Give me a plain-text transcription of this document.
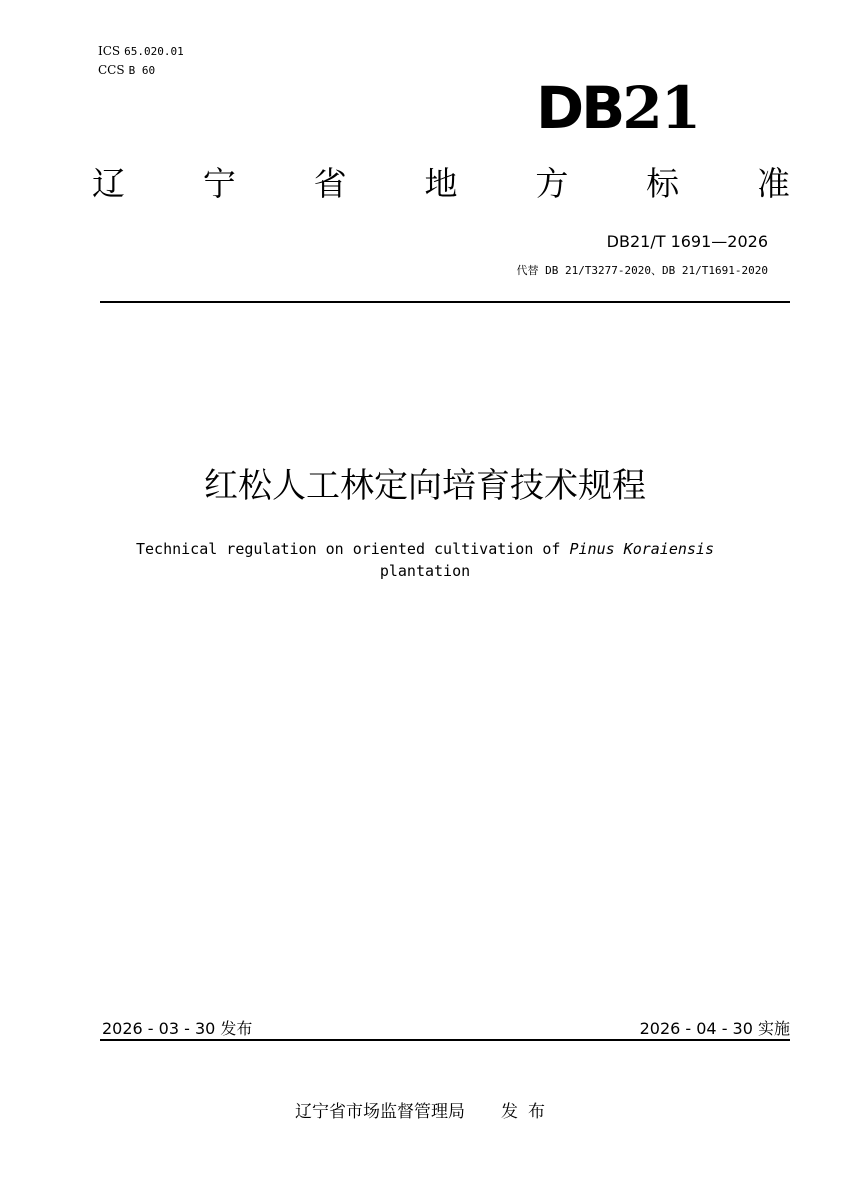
ICS 65.020.01
CCS B 60
DB21
辽 宁 省 地 方 标 准
DB21/T 1691—2026
代替 DB 21/T3277-2020、DB 21/T1691-2020
红松人工林定向培育技术规程
Technical regulation on oriented cultivation of Pinus Koraiensis
plantation
2026 - 03 - 30 发布	2026 - 04 - 30 实施
辽宁省市场监督管理局 发布
